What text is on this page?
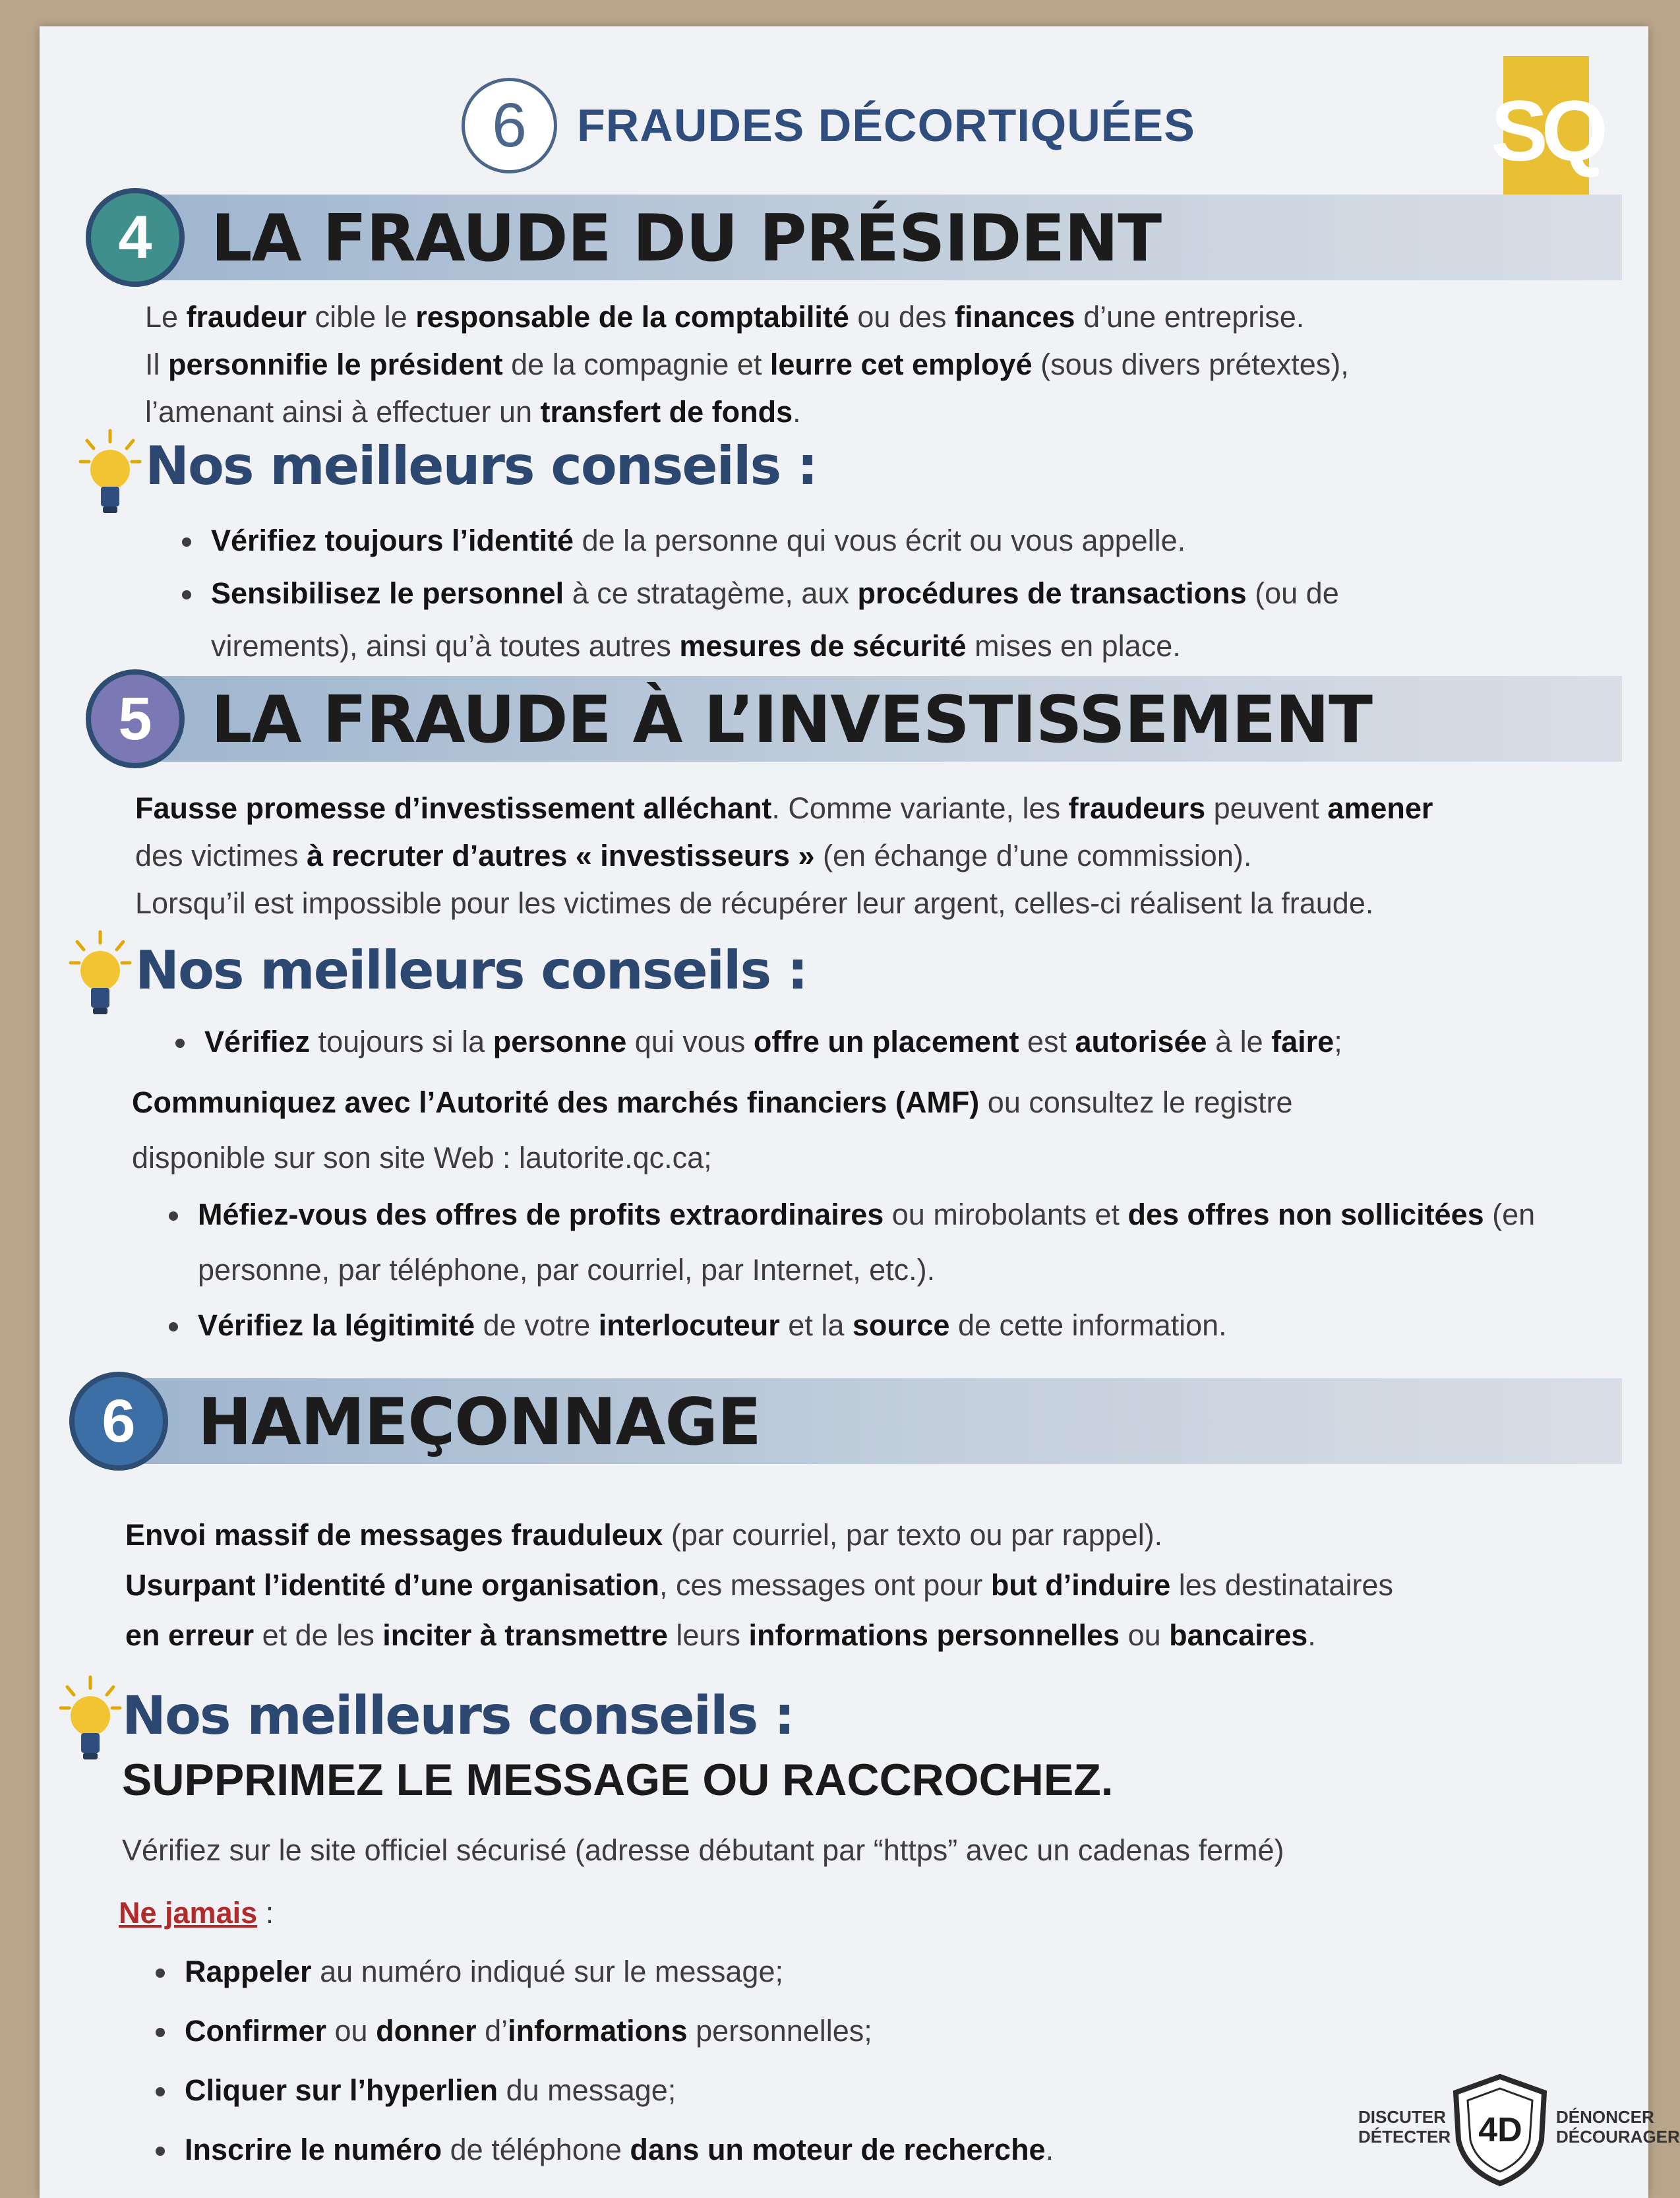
SQ
6 FRAUDES DÉCORTIQUÉES
4 LA FRAUDE DU PRÉSIDENT

Le fraudeur cible le responsable de la comptabilité ou des finances d’une entreprise.

Il personnifie le président de la compagnie et leurre cet employé (sous divers prétextes),

l’amenant ainsi à effectuer un transfert de fonds.

Nos meilleurs conseils :
• Vérifiez toujours l’identité de la personne qui vous écrit ou vous appelle.
• Sensibilisez le personnel à ce stratagème, aux procédures de transactions (ou de virements), ainsi qu’à toutes autres mesures de sécurité mises en place.
5 LA FRAUDE À L’INVESTISSEMENT

Fausse promesse d’investissement alléchant. Comme variante, les fraudeurs peuvent amener

des victimes à recruter d’autres « investisseurs » (en échange d’une commission).

Lorsqu’il est impossible pour les victimes de récupérer leur argent, celles-ci réalisent la fraude.

Nos meilleurs conseils :
• Vérifiez toujours si la personne qui vous offre un placement est autorisée à le faire;
Communiquez avec l’Autorité des marchés financiers (AMF) ou consultez le registre
disponible sur son site Web : lautorite.qc.ca;
• Méfiez-vous des offres de profits extraordinaires ou mirobolants et des offres non sollicitées (en personne, par téléphone, par courriel, par Internet, etc.).
• Vérifiez la légitimité de votre interlocuteur et la source de cette information.
6 HAMEÇONNAGE

Envoi massif de messages frauduleux (par courriel, par texto ou par rappel).

Usurpant l’identité d’une organisation, ces messages ont pour but d’induire les destinataires

en erreur et de les inciter à transmettre leurs informations personnelles ou bancaires.

Nos meilleurs conseils :
SUPPRIMEZ LE MESSAGE OU RACCROCHEZ.
Vérifiez sur le site officiel sécurisé (adresse débutant par “https” avec un cadenas fermé)
Ne jamais :
• Rappeler au numéro indiqué sur le message;
• Confirmer ou donner d’informations personnelles;
• Cliquer sur l’hyperlien du message;
• Inscrire le numéro de téléphone dans un moteur de recherche.
DISCUTER
DÉTECTER 4D	DÉNONCER
DÉCOURAGER
